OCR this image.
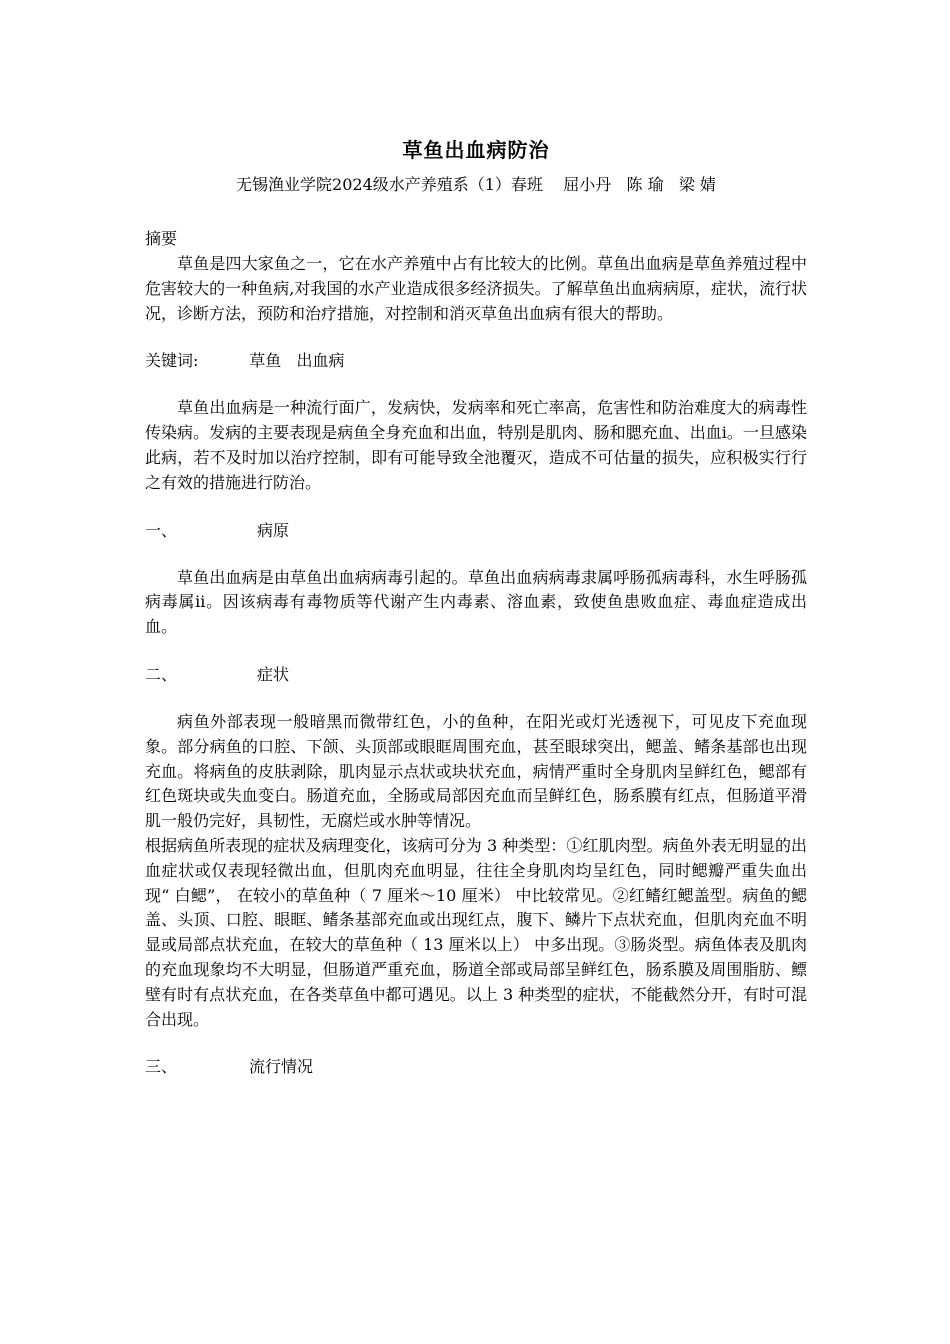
草鱼出血病防治
无锡渔业学院2024级水产养殖系（1）春班    屈小丹   陈 瑜   梁 婧
摘要

草鱼是四大家鱼之一，它在水产养殖中占有比较大的比例。草鱼出血病是草鱼养殖过程中危害较大的一种鱼病,对我国的水产业造成很多经济损失。了解草鱼出血病病原，症状，流行状况，诊断方法，预防和治疗措施，对控制和消灭草鱼出血病有很大的帮助。

关键词:	草鱼   出血病

草鱼出血病是一种流行面广，发病快，发病率和死亡率高，危害性和防治难度大的病毒性传染病。发病的主要表现是病鱼全身充血和出血，特别是肌肉、肠和腮充血、出血i。一旦感染此病，若不及时加以治疗控制，即有可能导致全池覆灭，造成不可估量的损失，应积极实行行之有效的措施进行防治。

一、	病原

草鱼出血病是由草鱼出血病病毒引起的。草鱼出血病病毒隶属呼肠孤病毒科，水生呼肠孤病毒属ii。因该病毒有毒物质等代谢产生内毒素、溶血素，致使鱼患败血症、毒血症造成出血。

二、	症状

病鱼外部表现一般暗黑而微带红色，小的鱼种，在阳光或灯光透视下，可见皮下充血现象。部分病鱼的口腔、下颌、头顶部或眼眶周围充血，甚至眼球突出，鳃盖、鳍条基部也出现充血。将病鱼的皮肤剥除，肌肉显示点状或块状充血，病情严重时全身肌肉呈鲜红色，鳃部有红色斑块或失血变白。肠道充血，全肠或局部因充血而呈鲜红色，肠系膜有红点，但肠道平滑肌一般仍完好，具韧性，无腐烂或水肿等情况。

根据病鱼所表现的症状及病理变化，该病可分为 3 种类型：①红肌肉型。病鱼外表无明显的出血症状或仅表现轻微出血，但肌肉充血明显，往往全身肌肉均呈红色，同时鳃瓣严重失血出现“ 白鳃”， 在较小的草鱼种（ 7 厘米～10 厘米） 中比较常见。②红鳍红鳃盖型。病鱼的鳃盖、头顶、口腔、眼眶、鳍条基部充血或出现红点，腹下、鳞片下点状充血，但肌肉充血不明显或局部点状充血，在较大的草鱼种（ 13 厘米以上） 中多出现。③肠炎型。病鱼体表及肌肉的充血现象均不大明显，但肠道严重充血，肠道全部或局部呈鲜红色，肠系膜及周围脂肪、鳔壁有时有点状充血，在各类草鱼中都可遇见。以上 3 种类型的症状，不能截然分开，有时可混合出现。

三、	流行情况
